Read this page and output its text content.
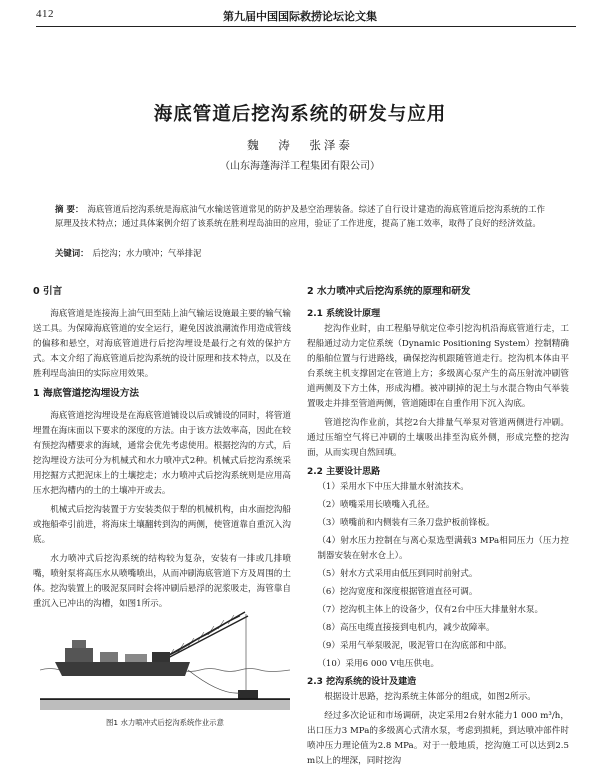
412	第九届中国国际救捞论坛论文集
海底管道后挖沟系统的研发与应用
魏 涛 张泽泰
（山东海蓬海洋工程集团有限公司）
摘 要： 海底管道后挖沟系统是海底油气水输送管道常见的防护及悬空治理装备。综述了自行设计建造的海底管道后挖沟系统的工作原理及技术特点；通过具体案例介绍了该系统在胜利埕岛油田的应用，验证了工作进度，提高了施工效率，取得了良好的经济效益。
关键词： 后挖沟；水力喷冲；气举排泥
0 引言

海底管道是连接海上油气田至陆上油气输运设施最主要的输气输送工具。为保障海底管道的安全运行，避免因波浪潮流作用造成管线的偏移和悬空，对海底管道进行后挖沟埋设是最行之有效的保护方式。本文介绍了海底管道后挖沟系统的设计原理和技术特点，以及在胜利埕岛油田的实际应用效果。

1 海底管道挖沟埋设方法

海底管道挖沟埋设是在海底管道铺设以后或铺设的同时，将管道埋置在海床面以下要求的深度的方法。由于该方法效率高，因此在较有预挖沟槽要求的海域，通常会优先考虑使用。根据挖沟的方式，后挖沟埋设方法可分为机械式和水力喷冲式2种。机械式后挖沟系统采用挖掘方式把泥床上的土壤挖走；水力喷冲式后挖沟系统则是应用高压水把沟槽内的土的土壤冲开或去。

机械式后挖沟装置于方安装类似于犁的机械机构，由水面挖沟船或拖船牵引前进，将海床土壤翻转到沟的两侧，使管道靠自重沉入沟底。

水力喷冲式后挖沟系统的结构较为复杂，安装有一排或几排喷嘴，喷射泵将高压水从喷嘴喷出，从而冲刷海底管道下方及周围的土体。挖沟装置上的吸泥泵同时会将冲刷后悬浮的泥浆吸走，海管靠自重沉入已冲出的沟槽，如图1所示。

2 水力喷冲式后挖沟系统的原理和研发
2.1 系统设计原理

挖沟作业时，由工程船导航定位牵引挖沟机沿海底管道行走，工程船通过动力定位系统（Dynamic Positioning System）控制精确的船舶位置与行进路线，确保挖沟机跟随管道走行。挖沟机本体由平台系统主机支撑固定在管道上方；多级离心泵产生的高压射流冲刷管道两侧及下方土体，形成沟槽。被冲刷掉的泥土与水混合物由气举装置吸走并排至管道两侧，管道随即在自重作用下沉入沟底。

管道挖沟作业前，其挖2台大排量气举泵对管道两侧进行冲刷。通过压缩空气将已冲刷的土壤吸出排至沟底外侧，形成完整的挖沟面，从而实现自然回填。

2.2 主要设计思路

（1）采用水下中压大排量水射流技术。

（2）喷嘴采用长喷嘴入孔径。

（3）喷嘴前和内侧装有三条刀盘护板前锋板。

（4）射水压力控制在与离心泵选型满载3 MPa相同压力（压力控制器安装在射水仓上）。

（5）射水方式采用由低压到同时前射式。

（6）挖沟宽度和深度根据管道直径可调。

（7）挖沟机主体上的设备少，仅有2台中压大排量射水泵。

（8）高压电缆直接接到电机内，减少故障率。

（9）采用气举泵吸泥，吸泥管口在沟底部和中部。

（10）采用6 000 V电压供电。

2.3 挖沟系统的设计及建造

根据设计思路，挖沟系统主体部分的组成，如图2所示。

经过多次论证和市场调研，决定采用2台射水能力1 000 m³/h，出口压力3 MPa的多级离心式清水泵，考虑到损耗，到达喷冲部件时喷冲压力理论值为2.8 MPa。对于一般地质，挖沟施工可以达到2.5 m以上的埋深，同时挖沟

图1 水力喷冲式后挖沟系统作业示意
